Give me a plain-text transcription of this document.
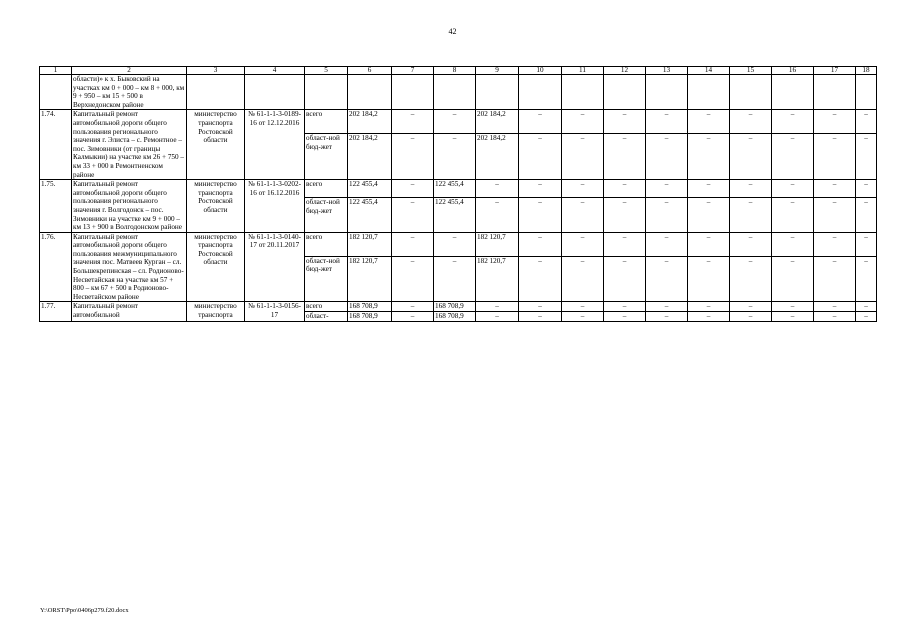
42
1	2	3	4	5	6	7	8	9	10	11	12	13	14	15	16	17	18
	области)» к х. Быковский на участках км 0 + 000 – км 8 + 000, км 9 + 950 – км 15 + 500 в Верхнедонском районе																
1.74.	Капитальный ремонт автомобильной дороги общего пользования регионального значения г. Элиста – с. Ремонтное – пос. Зимовники (от границы Калмыкии) на участке км 26 + 750 – км 33 + 000 в Ремонтненском районе	министерство транспорта Ростовской области	№ 61-1-1-3-0189-16 от 12.12.2016	всего	202 184,2	–	–	202 184,2	–	–	–	–	–	–	–	–	–
				област-ной бюд-жет	202 184,2	–	–	202 184,2	–	–	–	–	–	–	–	–	–
1.75.	Капитальный ремонт автомобильной дороги общего пользования регионального значения г. Волгодонск – пос. Зимовники на участке км 9 + 000 – км 13 + 900 в Волгодонском районе	министерство транспорта Ростовской области	№ 61-1-1-3-0202-16 от 16.12.2016	всего	122 455,4	–	122 455,4	–	–	–	–	–	–	–	–	–	–
				област-ной бюд-жет	122 455,4	–	122 455,4	–	–	–	–	–	–	–	–	–	–
1.76.	Капитальный ремонт автомобильной дороги общего пользования межмуниципального значения пос. Матвеев Курган – сл. Большекрепинская – сл. Родионово-Несветайская на участке км 57 + 800 – км 67 + 500 в Родионово-Несветайском районе	министерство транспорта Ростовской области	№ 61-1-1-3-0140-17 от 20.11.2017	всего	182 120,7	–	–	182 120,7	–	–	–	–	–	–	–	–	–
				област-ной бюд-жет	182 120,7	–	–	182 120,7	–	–	–	–	–	–	–	–	–
1.77.	Капитальный ремонт автомобильной	министерство транспорта	№ 61-1-1-3-0156-17	всего	168 708,9	–	168 708,9	–	–	–	–	–	–	–	–	–	–
				област-	168 708,9	–	168 708,9	–	–	–	–	–	–	–	–	–	–
Y:\ORST\Ppo\0406p279.f20.docx
